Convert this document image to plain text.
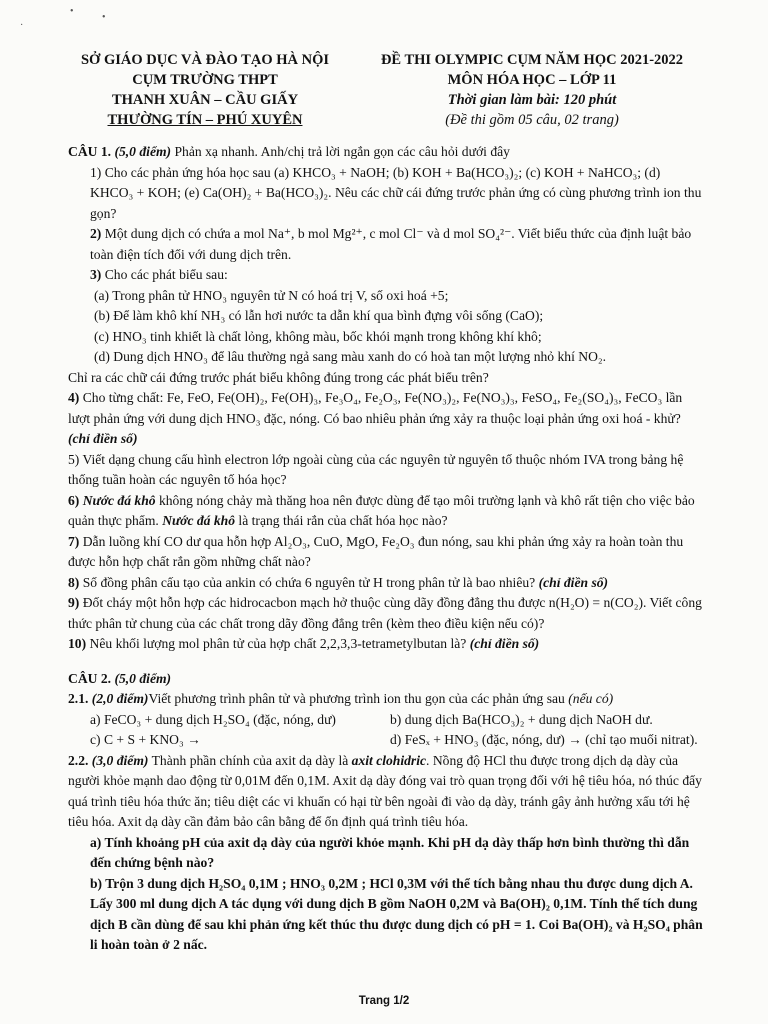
•
•
·
SỞ GIÁO DỤC VÀ ĐÀO TẠO HÀ NỘI
CỤM TRƯỜNG THPT
THANH XUÂN – CẦU GIẤY
THƯỜNG TÍN – PHÚ XUYÊN
ĐỀ THI OLYMPIC CỤM NĂM HỌC 2021-2022
MÔN HÓA HỌC – LỚP 11
Thời gian làm bài: 120 phút
(Đề thi gồm 05 câu, 02 trang)

CÂU 1. (5,0 điểm) Phản xạ nhanh. Anh/chị trả lời ngắn gọn các câu hỏi dưới đây

1) Cho các phản ứng hóa học sau (a) KHCO₃ + NaOH; (b) KOH + Ba(HCO₃)₂; (c) KOH + NaHCO₃; (d) KHCO₃ + KOH; (e) Ca(OH)₂ + Ba(HCO₃)₂. Nêu các chữ cái đứng trước phản ứng có cùng phương trình ion thu gọn?

2) Một dung dịch có chứa a mol Na⁺, b mol Mg²⁺, c mol Cl⁻ và d mol SO₄²⁻. Viết biểu thức của định luật bảo toàn điện tích đối với dung dịch trên.

3) Cho các phát biểu sau:

(a) Trong phân tử HNO₃ nguyên tử N có hoá trị V, số oxi hoá +5;

(b) Để làm khô khí NH₃ có lẫn hơi nước ta dẫn khí qua bình đựng vôi sống (CaO);

(c) HNO₃ tinh khiết là chất lỏng, không màu, bốc khói mạnh trong không khí khô;

(d) Dung dịch HNO₃ để lâu thường ngả sang màu xanh do có hoà tan một lượng nhỏ khí NO₂.

Chỉ ra các chữ cái đứng trước phát biểu không đúng trong các phát biểu trên?

4) Cho từng chất: Fe, FeO, Fe(OH)₂, Fe(OH)₃, Fe₃O₄, Fe₂O₃, Fe(NO₃)₂, Fe(NO₃)₃, FeSO₄, Fe₂(SO₄)₃, FeCO₃ lần lượt phản ứng với dung dịch HNO₃ đặc, nóng. Có bao nhiêu phản ứng xảy ra thuộc loại phản ứng oxi hoá - khử? (chỉ điền số)

5) Viết dạng chung cấu hình electron lớp ngoài cùng của các nguyên tử nguyên tố thuộc nhóm IVA trong bảng hệ thống tuần hoàn các nguyên tố hóa học?

6) Nước đá khô không nóng chảy mà thăng hoa nên được dùng để tạo môi trường lạnh và khô rất tiện cho việc bảo quản thực phẩm. Nước đá khô là trạng thái rắn của chất hóa học nào?

7) Dẫn luồng khí CO dư qua hỗn hợp Al₂O₃, CuO, MgO, Fe₂O₃ đun nóng, sau khi phản ứng xảy ra hoàn toàn thu được hỗn hợp chất rắn gồm những chất nào?

8) Số đồng phân cấu tạo của ankin có chứa 6 nguyên tử H trong phân tử là bao nhiêu? (chỉ điền số)

9) Đốt cháy một hỗn hợp các hidrocacbon mạch hở thuộc cùng dãy đồng đẳng thu được n(H₂O) = n(CO₂). Viết công thức phân tử chung của các chất trong dãy đồng đẳng trên (kèm theo điều kiện nếu có)?

10) Nêu khối lượng mol phân tử của hợp chất 2,2,3,3-tetrametylbutan là? (chỉ điền số)

CÂU 2. (5,0 điểm)

2.1. (2,0 điểm)Viết phương trình phân tử và phương trình ion thu gọn của các phản ứng sau (nếu có)

a) FeCO₃ + dung dịch H₂SO₄ (đặc, nóng, dư)	b) dung dịch Ba(HCO₃)₂ + dung dịch NaOH dư.
c) C + S + KNO₃ →	d) FeSₓ + HNO₃ (đặc, nóng, dư) → (chỉ tạo muối nitrat).

2.2. (3,0 điểm) Thành phần chính của axit dạ dày là axit clohidric. Nồng độ HCl thu được trong dịch dạ dày của người khỏe mạnh dao động từ 0,01M đến 0,1M. Axit dạ dày đóng vai trò quan trọng đối với hệ tiêu hóa, nó thúc đẩy quá trình tiêu hóa thức ăn; tiêu diệt các vi khuẩn có hại từ bên ngoài đi vào dạ dày, tránh gây ảnh hưởng xấu tới hệ tiêu hóa. Axit dạ dày cần đảm bảo cân bằng để ổn định quá trình tiêu hóa.

a) Tính khoảng pH của axit dạ dày của người khỏe mạnh. Khi pH dạ dày thấp hơn bình thường thì dẫn đến chứng bệnh nào?

b) Trộn 3 dung dịch H₂SO₄ 0,1M ; HNO₃ 0,2M ; HCl 0,3M với thể tích bằng nhau thu được dung dịch A. Lấy 300 ml dung dịch A tác dụng với dung dịch B gồm NaOH 0,2M và Ba(OH)₂ 0,1M. Tính thể tích dung dịch B cần dùng để sau khi phản ứng kết thúc thu được dung dịch có pH = 1. Coi Ba(OH)₂ và H₂SO₄ phân li hoàn toàn ở 2 nấc.

Trang 1/2
